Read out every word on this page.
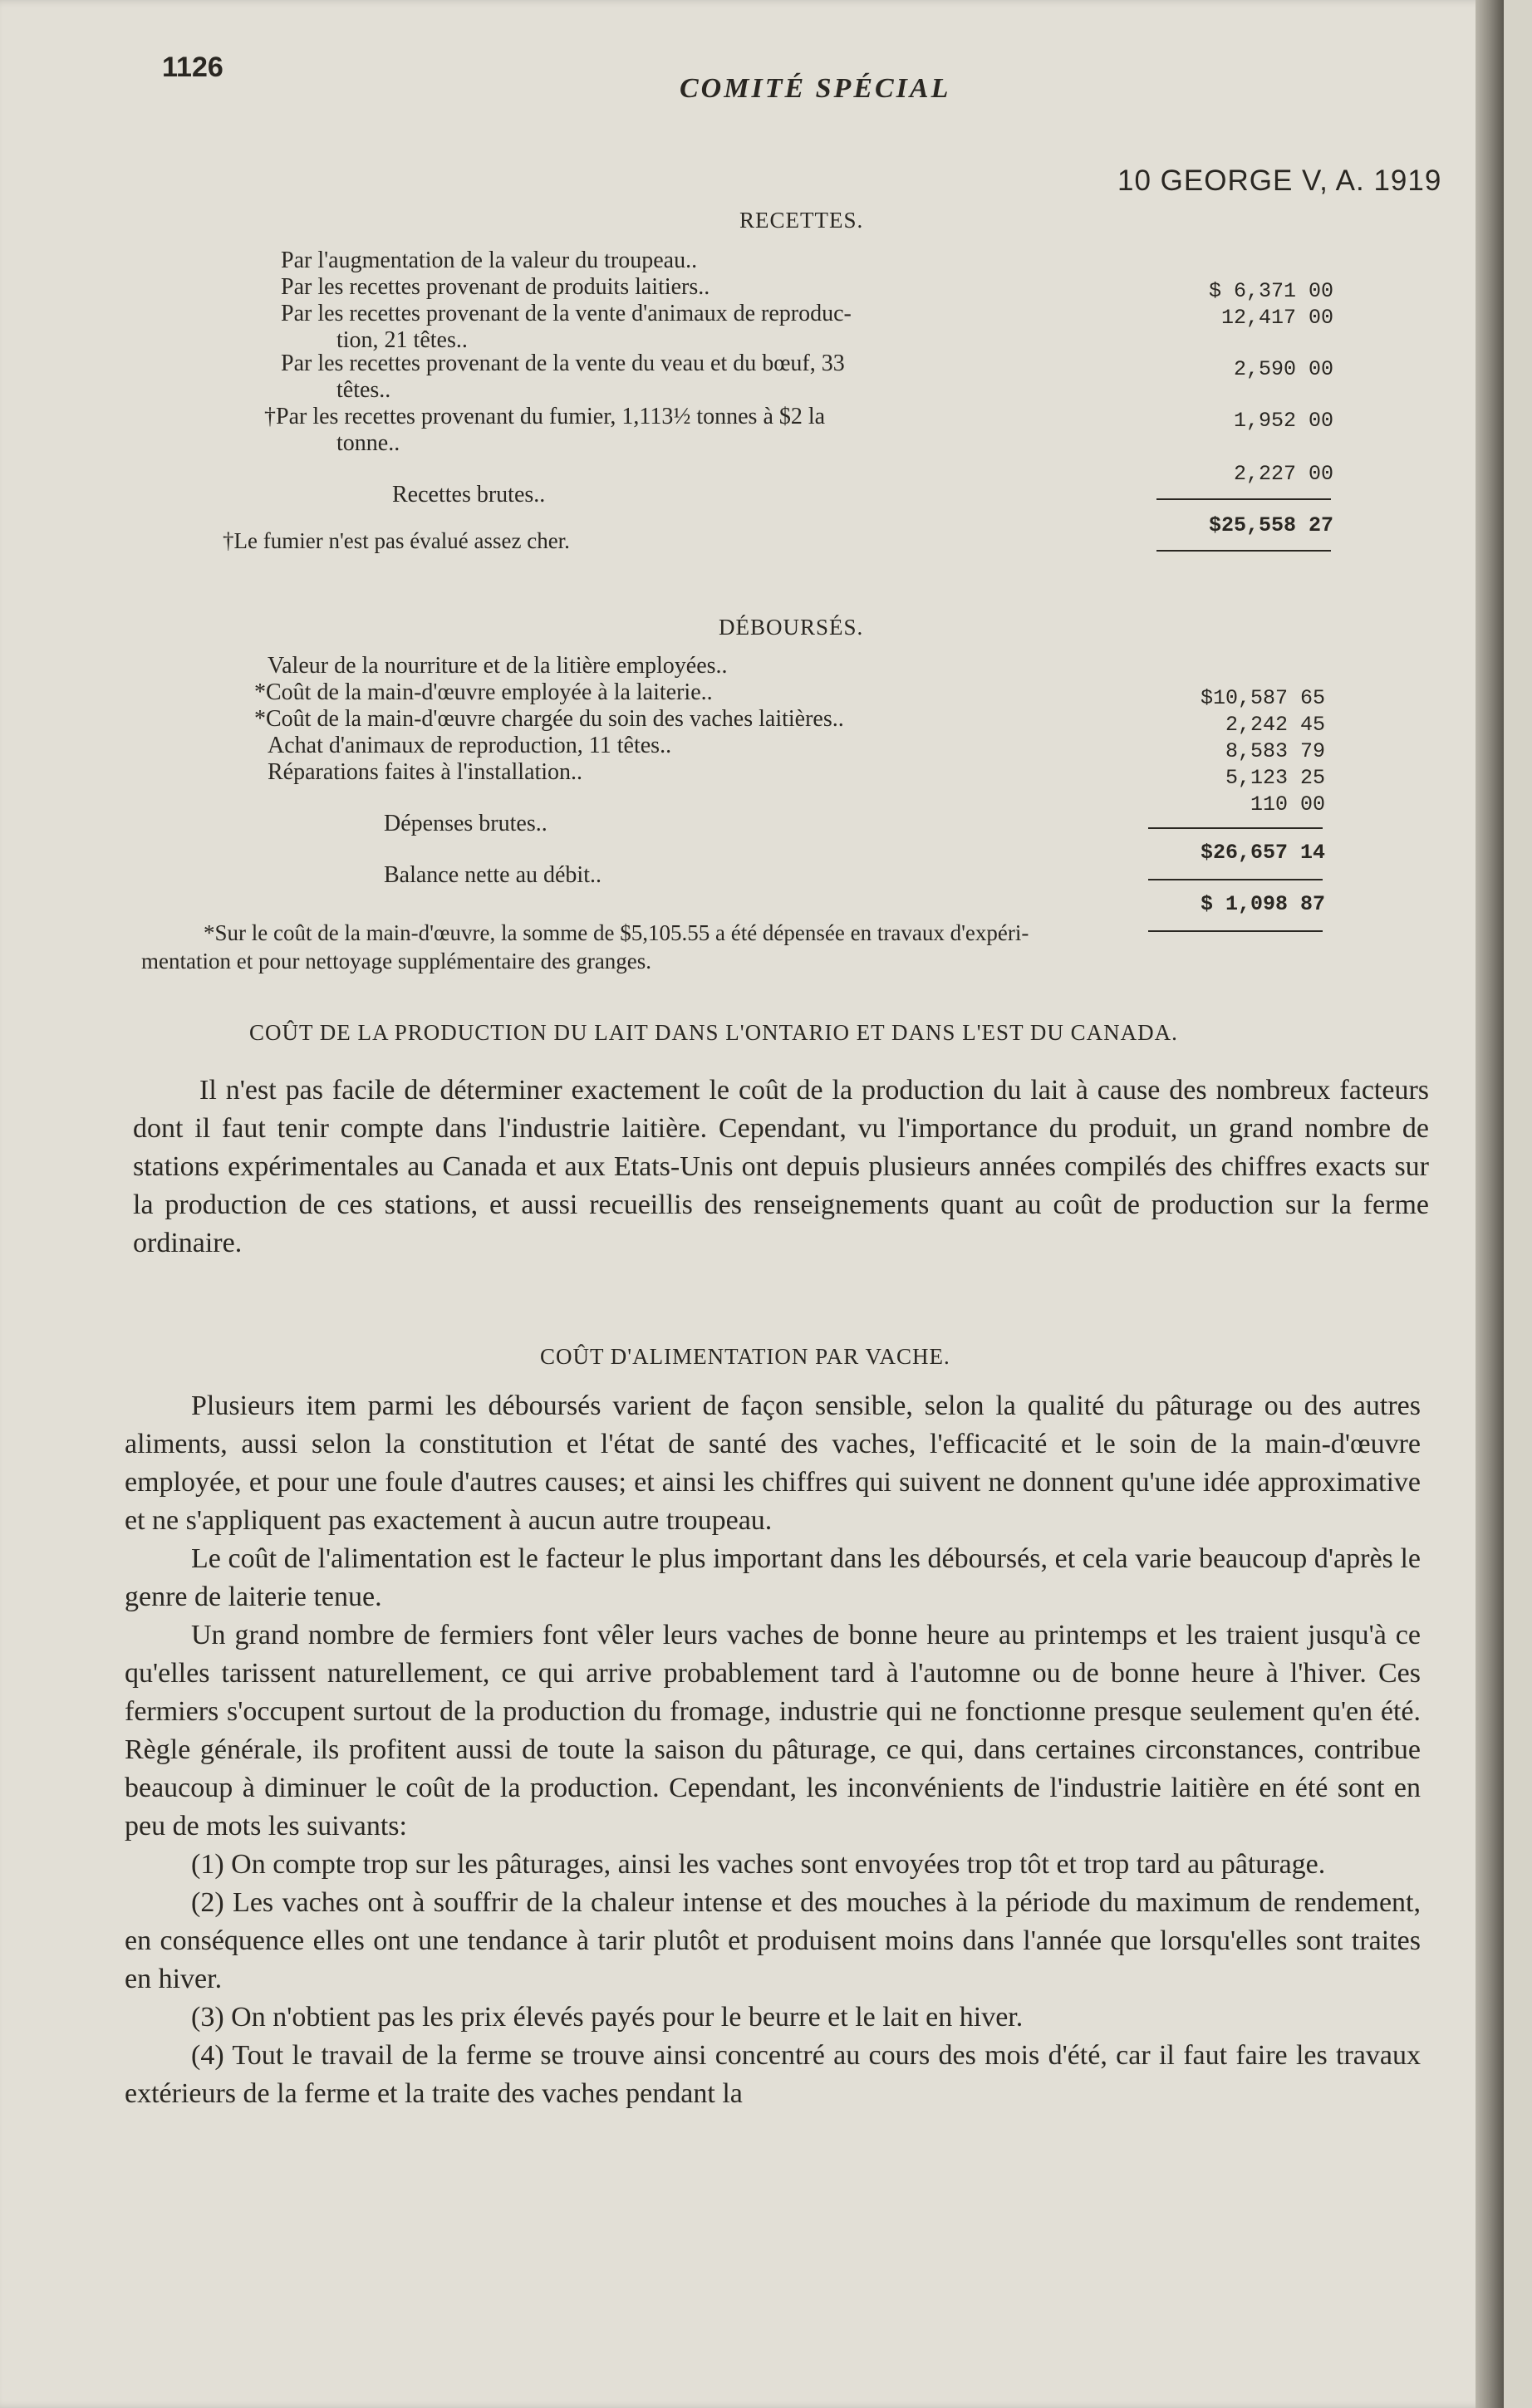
1126
COMITÉ SPÉCIAL
10 GEORGE V, A. 1919
RECETTES.
Par l'augmentation de la valeur du troupeau..
$ 6,371 00
Par les recettes provenant de produits laitiers..
12,417 00
Par les recettes provenant de la vente d'animaux de reproduc-
tion, 21 têtes..
2,590 00
Par les recettes provenant de la vente du veau et du bœuf, 33
têtes..
1,952 00
†Par les recettes provenant du fumier, 1,113½ tonnes à $2 la
tonne..
2,227 00
Recettes brutes..
$25,558 27
†Le fumier n'est pas évalué assez cher.
DÉBOURSÉS.
Valeur de la nourriture et de la litière employées..
$10,587 65
*Coût de la main-d'œuvre employée à la laiterie..
2,242 45
*Coût de la main-d'œuvre chargée du soin des vaches laitières..
8,583 79
Achat d'animaux de reproduction, 11 têtes..
5,123 25
Réparations faites à l'installation..
110 00
Dépenses brutes..
$26,657 14
Balance nette au débit..
$ 1,098 87
*Sur le coût de la main-d'œuvre, la somme de $5,105.55 a été dépensée en travaux d'expéri-
mentation et pour nettoyage supplémentaire des granges.
COÛT DE LA PRODUCTION DU LAIT DANS L'ONTARIO ET DANS L'EST DU CANADA.

Il n'est pas facile de déterminer exactement le coût de la production du lait à cause des nombreux facteurs dont il faut tenir compte dans l'industrie laitière. Cependant, vu l'importance du produit, un grand nombre de stations expérimentales au Canada et aux Etats-Unis ont depuis plusieurs années compilés des chiffres exacts sur la production de ces stations, et aussi recueillis des renseignements quant au coût de production sur la ferme ordinaire.

COÛT D'ALIMENTATION PAR VACHE.

Plusieurs item parmi les déboursés varient de façon sensible, selon la qualité du pâturage ou des autres aliments, aussi selon la constitution et l'état de santé des vaches, l'efficacité et le soin de la main-d'œuvre employée, et pour une foule d'autres causes; et ainsi les chiffres qui suivent ne donnent qu'une idée approximative et ne s'appliquent pas exactement à aucun autre troupeau.

Le coût de l'alimentation est le facteur le plus important dans les déboursés, et cela varie beaucoup d'après le genre de laiterie tenue.

Un grand nombre de fermiers font vêler leurs vaches de bonne heure au printemps et les traient jusqu'à ce qu'elles tarissent naturellement, ce qui arrive probablement tard à l'automne ou de bonne heure à l'hiver. Ces fermiers s'occupent surtout de la production du fromage, industrie qui ne fonctionne presque seulement qu'en été. Règle générale, ils profitent aussi de toute la saison du pâturage, ce qui, dans certaines circonstances, contribue beaucoup à diminuer le coût de la production. Cependant, les inconvénients de l'industrie laitière en été sont en peu de mots les suivants:

(1) On compte trop sur les pâturages, ainsi les vaches sont envoyées trop tôt et trop tard au pâturage.

(2) Les vaches ont à souffrir de la chaleur intense et des mouches à la période du maximum de rendement, en conséquence elles ont une tendance à tarir plutôt et produisent moins dans l'année que lorsqu'elles sont traites en hiver.

(3) On n'obtient pas les prix élevés payés pour le beurre et le lait en hiver.

(4) Tout le travail de la ferme se trouve ainsi concentré au cours des mois d'été, car il faut faire les travaux extérieurs de la ferme et la traite des vaches pendant la
